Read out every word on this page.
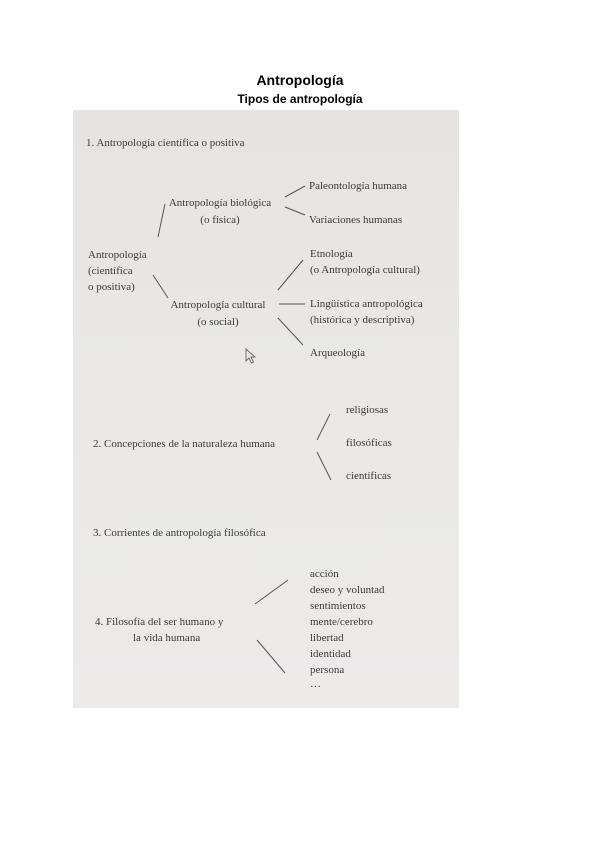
Antropología
Tipos de antropología
1. Antropología científica o positiva
Antropología
(científica
o positiva)
Antropología biológica
(o física)
Antropología cultural
(o social)
Paleontología humana
Variaciones humanas
Etnología
(o Antropología cultural)
Lingüística antropológica
(histórica y descriptiva)
Arqueología
religiosas
2. Concepciones de la naturaleza humana	filosóficas
científicas
3. Corrientes de antropología filosófica
acción
deseo y voluntad
sentimientos
mente/cerebro
libertad
identidad
persona
…
4. Filosofía del ser humano y
la vida humana
